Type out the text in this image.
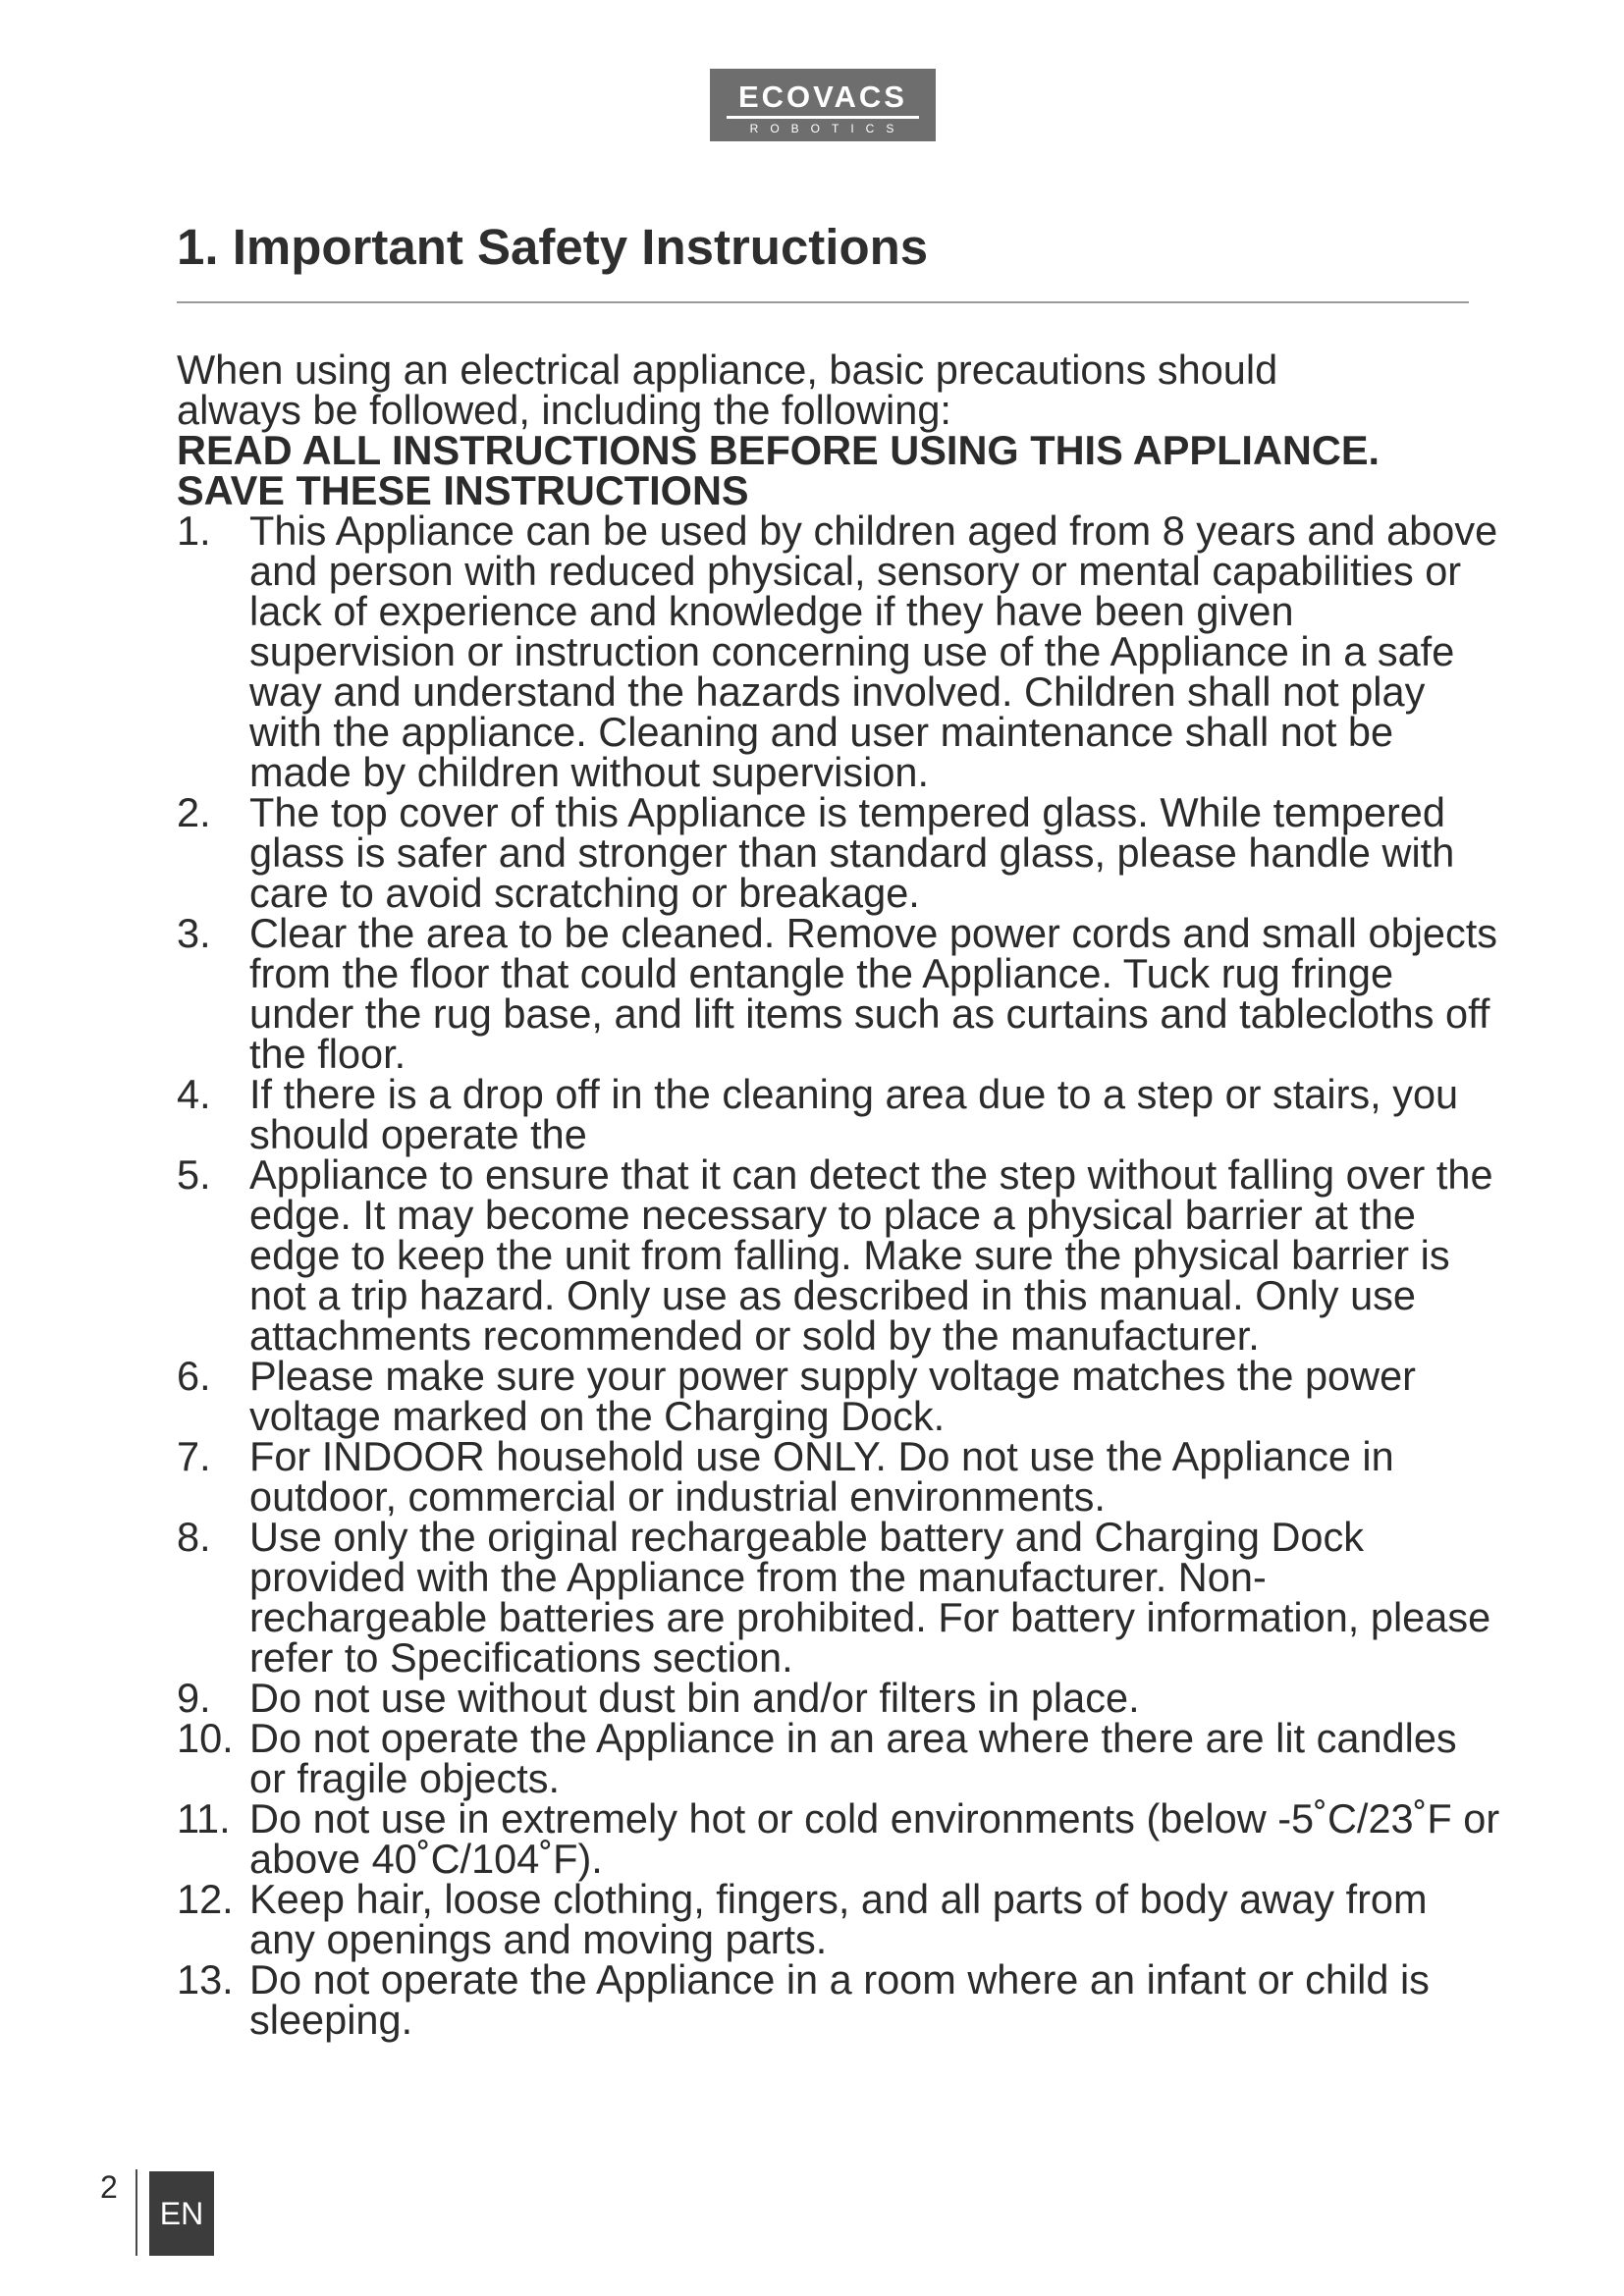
ECOVACS
ROBOTICS
1. Important Safety Instructions

When using an electrical appliance, basic precautions should

always be followed, including the following:

READ ALL INSTRUCTIONS BEFORE USING THIS APPLIANCE.

SAVE THESE INSTRUCTIONS

1. This Appliance can be used by children aged from 8 years and above and person with reduced physical, sensory or mental capabilities or lack of experience and knowledge if they have been given supervision or instruction concerning use of the Appliance in a safe way and understand the hazards involved. Children shall not play with the appliance. Cleaning and user maintenance shall not be made by children without supervision.
2. The top cover of this Appliance is tempered glass. While tempered glass is safer and stronger than standard glass, please handle with care to avoid scratching or breakage.
3. Clear the area to be cleaned. Remove power cords and small objects from the floor that could entangle the Appliance. Tuck rug fringe under the rug base, and lift items such as curtains and tablecloths off the floor.
4. If there is a drop off in the cleaning area due to a step or stairs, you should operate the
5. Appliance to ensure that it can detect the step without falling over the edge. It may become necessary to place a physical barrier at the edge to keep the unit from falling. Make sure the physical barrier is not a trip hazard. Only use as described in this manual. Only use attachments recommended or sold by the manufacturer.
6. Please make sure your power supply voltage matches the power voltage marked on the Charging Dock.
7. For INDOOR household use ONLY. Do not use the Appliance in outdoor, commercial or industrial environments.
8. Use only the original rechargeable battery and Charging Dock provided with the Appliance from the manufacturer. Non-rechargeable batteries are prohibited. For battery information, please refer to Specifications section.
9. Do not use without dust bin and/or filters in place.
10. Do not operate the Appliance in an area where there are lit candles or fragile objects.
11. Do not use in extremely hot or cold environments (below -5˚C/23˚F or above 40˚C/104˚F).
12. Keep hair, loose clothing, fingers, and all parts of body away from any openings and moving parts.
13. Do not operate the Appliance in a room where an infant or child is sleeping.
2
EN
